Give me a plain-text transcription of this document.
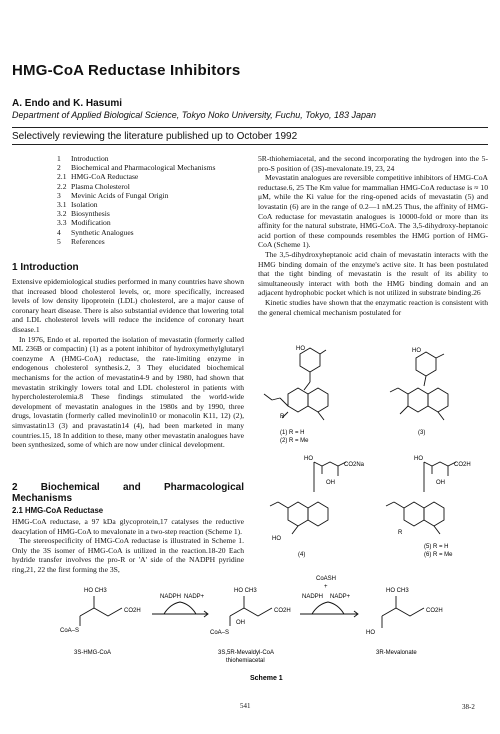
HMG-CoA Reductase Inhibitors
A. Endo and K. Hasumi
Department of Applied Biological Science, Tokyo Noko University, Fuchu, Tokyo, 183 Japan
Selectively reviewing the literature published up to October 1992
1 Introduction
2 Biochemical and Pharmacological Mechanisms
2.1 HMG-CoA Reductase
2.2 Plasma Cholesterol
3 Mevinic Acids of Fungal Origin
3.1 Isolation
3.2 Biosynthesis
3.3 Modification
4 Synthetic Analogues
5 References
1 Introduction

Extensive epidemiological studies performed in many countries have shown that increased blood cholesterol levels, or, more specifically, increased levels of low density lipoprotein (LDL) cholesterol, are a major cause of coronary heart disease. There is also substantial evidence that lowering total and LDL cholesterol levels will reduce the incidence of coronary heart disease.1

In 1976, Endo et al. reported the isolation of mevastatin (formerly called ML 236B or compactin) (1) as a potent inhibitor of hydroxymethylglutaryl coenzyme A (HMG-CoA) reductase, the rate-limiting enzyme in endogenous cholesterol synthesis.2, 3 They elucidated biochemical mechanisms for the action of mevastatin4-9 and by 1980, had shown that mevastatin strikingly lowers total and LDL cholesterol in patients with hypercholesterolemia.8 These findings stimulated the world-wide development of mevastatin analogues in the 1980s and by 1990, three drugs, lovastatin (formerly called mevinolin10 or monacolin K11, 12) (2), simvastatin13 (3) and pravastatin14 (4), had been marketed in many countries.15, 18 In addition to these, many other mevastatin analogues have been synthesized, some of which are now under clinical development.

2 Biochemical and Pharmacological Mechanisms
2.1 HMG-CoA Reductase

HMG-CoA reductase, a 97 kDa glycoprotein,17 catalyses the reductive deacylation of HMG-CoA to mevalonate in a two-step reaction (Scheme 1).

The stereospecificity of HMG-CoA reductase is illustrated in Scheme 1. Only the 3S isomer of HMG-CoA is utilized in the reaction.18-20 Each hydride transfer involves the pro-R or 'A' side of the NADPH pyridine ring,21, 22 the first forming the 3S,

5R-thiohemiacetal, and the second incorporating the hydrogen into the 5-pro-S position of (3S)-mevalonate.19, 23, 24

Mevastatin analogues are reversible competitive inhibitors of HMG-CoA reductase.6, 25 The Km value for mammalian HMG-CoA reductase is ≈ 10 μM, while the Ki value for the ring-opened acids of mevastatin (5) and lovastatin (6) are in the range of 0.2—1 nM.25 Thus, the affinity of HMG-CoA reductase for mevastatin analogues is 10000-fold or more than its affinity for the natural substrate, HMG-CoA. The 3,5-dihydroxy-heptanoic acid portion of these compounds resembles the HMG portion of HMG-CoA (Scheme 1).

The 3,5-dihydroxyheptanoic acid chain of mevastatin interacts with the HMG binding domain of the enzyme's active site. It has been postulated that the tight binding of mevastatin is the result of its ability to simultaneously interact with both the HMG binding domain and an adjacent hydrophobic pocket which is not utilized in substrate binding.26

Kinetic studies have shown that the enzymatic reaction is consistent with the general chemical mechanism postulated for

HO
(1) R = H
(2) R = Me
R
HO
(3)
HO
CO2Na
OH
HO
(4)
HO
CO2H
OH
R
(5) R = H
(6) R = Me
HO CH3
CoA–S
CO2H
3S-HMG-CoA
NADPH NADP+
HO CH3
OH
CoA–S
CO2H
3S,5R-Mevaldyl-CoA
thiohemiacetal
CoASH
+
NADPH NADP+
HO CH3
HO
CO2H
3R-Mevalonate
Scheme 1
541	38-2
